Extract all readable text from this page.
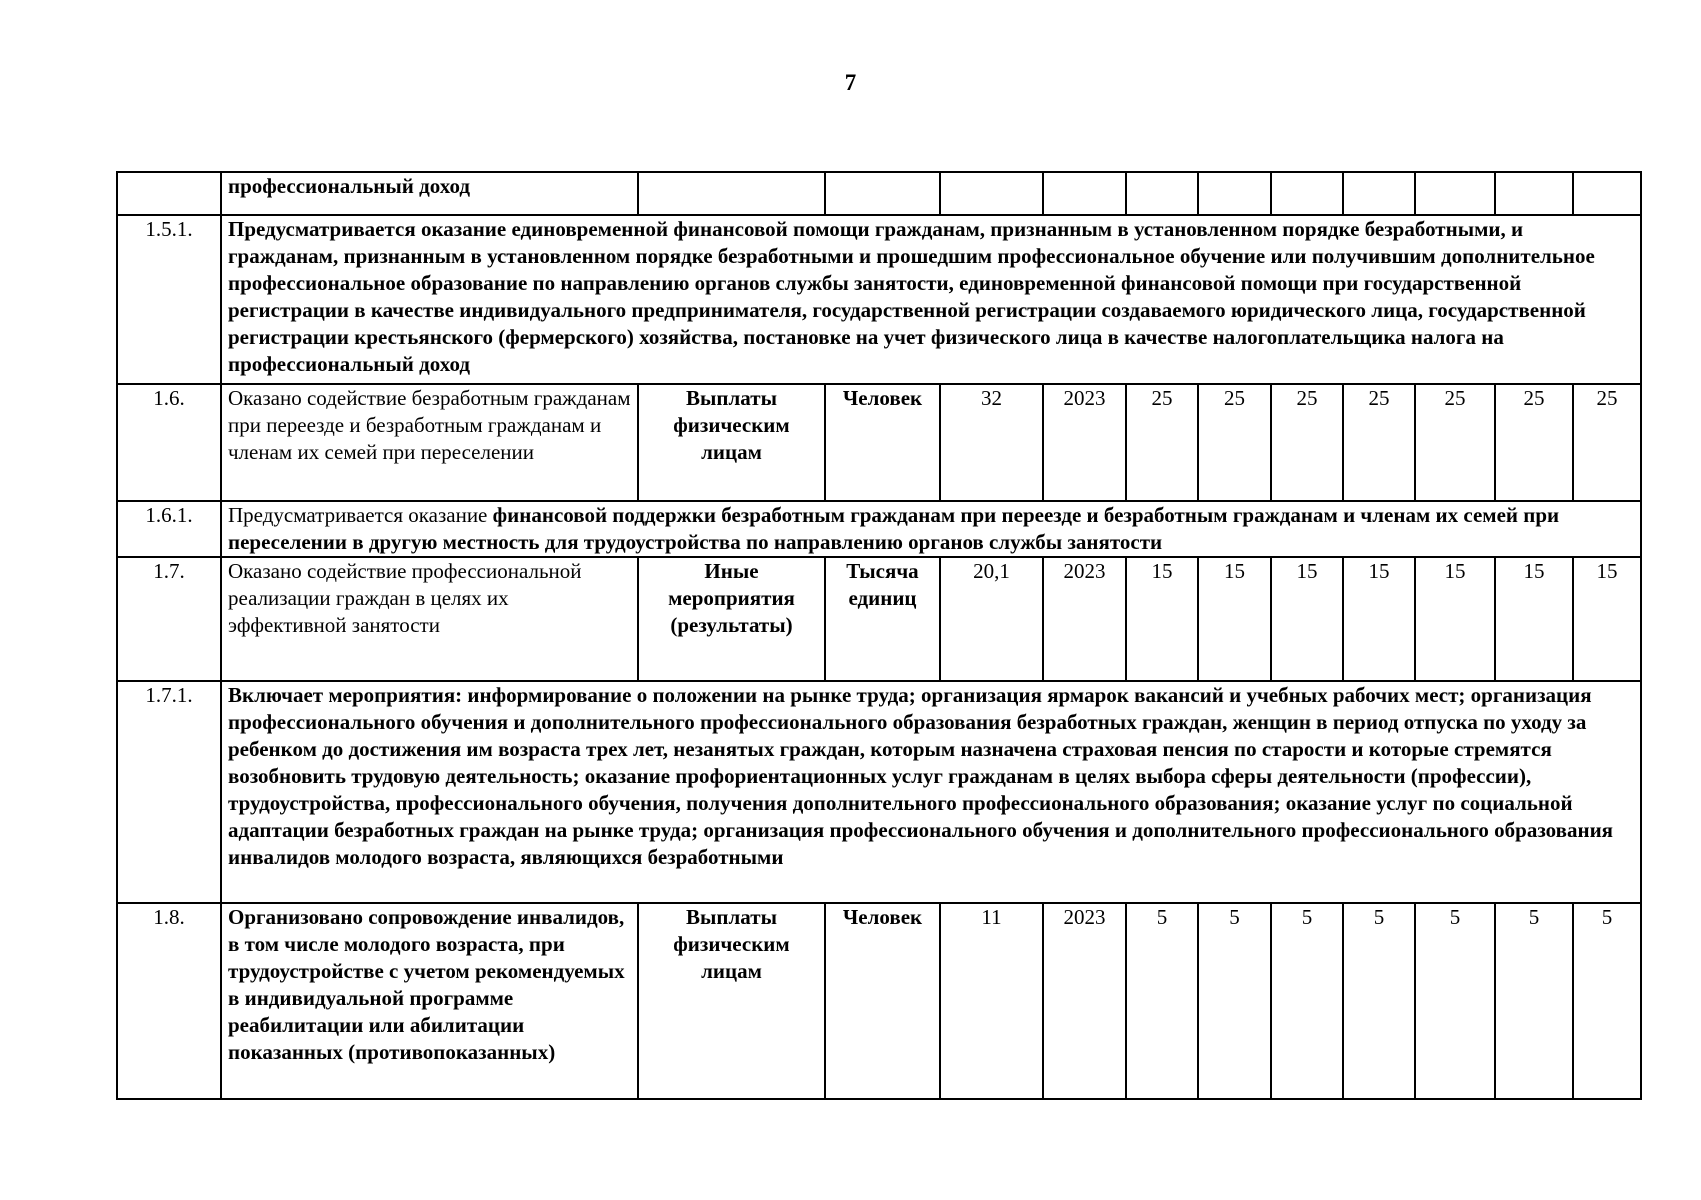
7
	профессиональный доход											
1.5.1.	Предусматривается оказание единовременной финансовой помощи гражданам, признанным в установленном порядке безработными, и гражданам, признанным в установленном порядке безработными и прошедшим профессиональное обучение или получившим дополнительное профессиональное образование по направлению органов службы занятости, единовременной финансовой помощи при государственной регистрации в качестве индивидуального предпринимателя, государственной регистрации создаваемого юридического лица, государственной регистрации крестьянского (фермерского) хозяйства, постановке на учет физического лица в качестве налогоплательщика налога на профессиональный доход											
1.6.	Оказано содействие безработным гражданам при переезде и безработным гражданам и членам их семей при переселении	Выплаты физическим лицам	Человек	32	2023	25	25	25	25	25	25	25
1.6.1.	Предусматривается оказание финансовой поддержки безработным гражданам при переезде и безработным гражданам и членам их семей при переселении в другую местность для трудоустройства по направлению органов службы занятости											
1.7.	Оказано содействие профессиональной реализации граждан в целях их эффективной занятости	Иные мероприятия (результаты)	Тысяча единиц	20,1	2023	15	15	15	15	15	15	15
1.7.1.	Включает мероприятия: информирование о положении на рынке труда; организация ярмарок вакансий и учебных рабочих мест; организация профессионального обучения и дополнительного профессионального образования безработных граждан, женщин в период отпуска по уходу за ребенком до достижения им возраста трех лет, незанятых граждан, которым назначена страховая пенсия по старости и которые стремятся возобновить трудовую деятельность; оказание профориентационных услуг гражданам в целях выбора сферы деятельности (профессии), трудоустройства, профессионального обучения, получения дополнительного профессионального образования; оказание услуг по социальной адаптации безработных граждан на рынке труда; организация профессионального обучения и дополнительного профессионального образования инвалидов молодого возраста, являющихся безработными											
1.8.	Организовано сопровождение инвалидов, в том числе молодого возраста, при трудоустройстве с учетом рекомендуемых в индивидуальной программе реабилитации или абилитации показанных (противопоказанных)	Выплаты физическим лицам	Человек	11	2023	5	5	5	5	5	5	5
